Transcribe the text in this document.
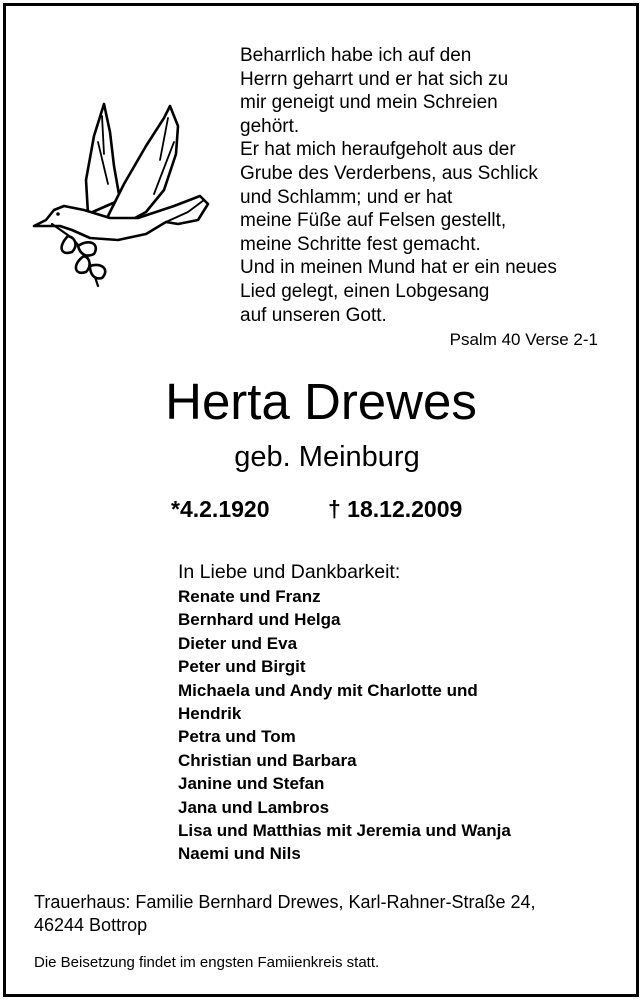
Beharrlich habe ich auf den
Herrn geharrt und er hat sich zu
mir geneigt und mein Schreien
gehört.
Er hat mich heraufgeholt aus der
Grube des Verderbens, aus Schlick
und Schlamm; und er hat
meine Füße auf Felsen gestellt,
meine Schritte fest gemacht.
Und in meinen Mund hat er ein neues
Lied gelegt, einen Lobgesang
auf unseren Gott.
Psalm 40 Verse 2-1
Herta Drewes
geb. Meinburg
*4.2.1920	† 18.12.2009
In Liebe und Dankbarkeit:
Renate und Franz
Bernhard und Helga
Dieter und Eva
Peter und Birgit
Michaela und Andy mit Charlotte und
Hendrik
Petra und Tom
Christian und Barbara
Janine und Stefan
Jana und Lambros
Lisa und Matthias mit Jeremia und Wanja
Naemi und Nils
Trauerhaus: Familie Bernhard Drewes, Karl-Rahner-Straße 24,
46244 Bottrop
Die Beisetzung findet im engsten Famiienkreis statt.
